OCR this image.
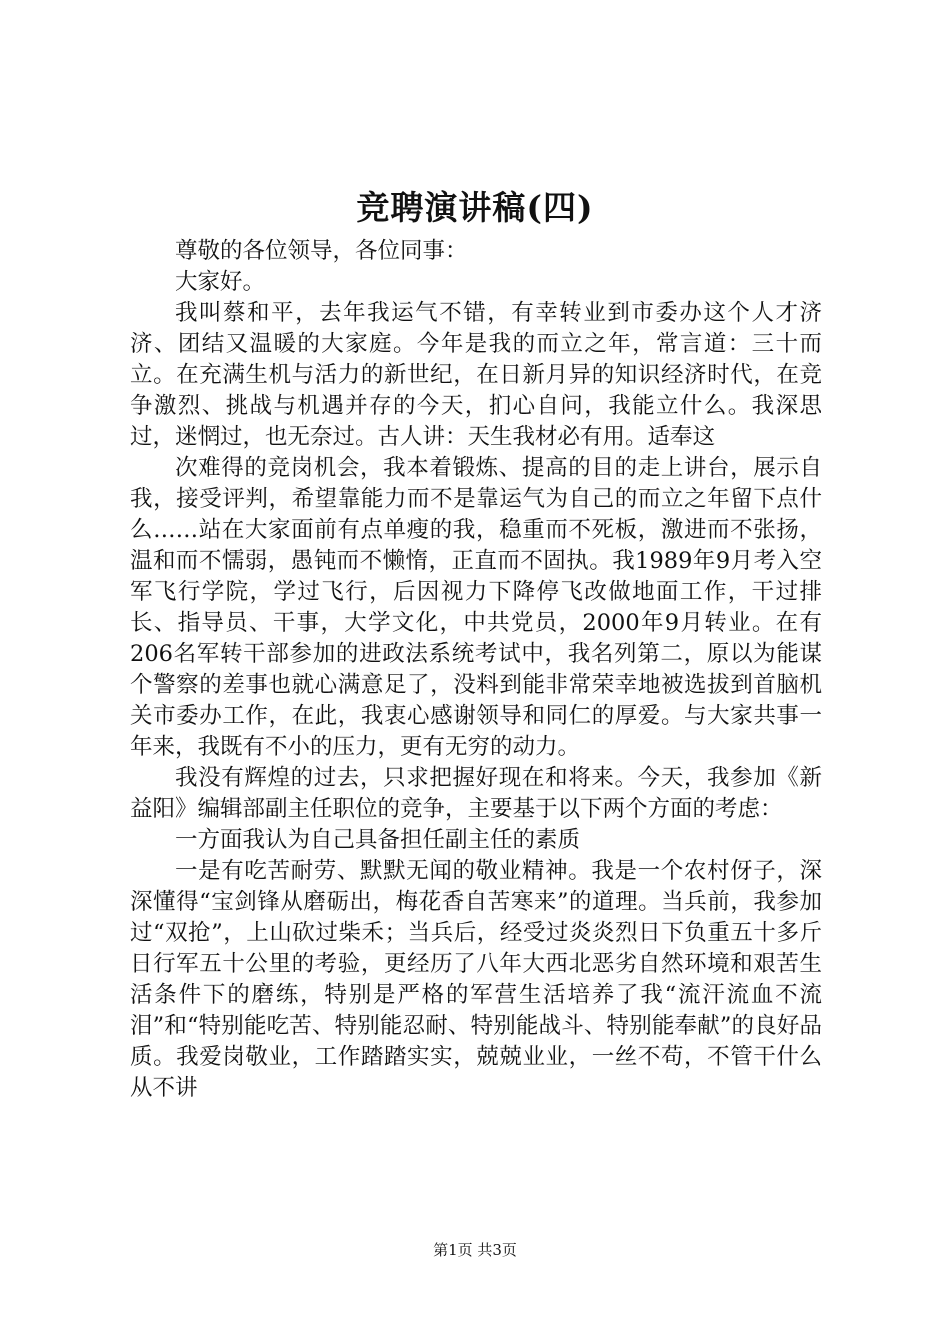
竞聘演讲稿(四)

尊敬的各位领导，各位同事：

大家好。

我叫蔡和平，去年我运气不错，有幸转业到市委办这个人才济济、团结又温暖的大家庭。今年是我的而立之年，常言道：三十而立。在充满生机与活力的新世纪，在日新月异的知识经济时代，在竞争激烈、挑战与机遇并存的今天，扪心自问，我能立什么。我深思过，迷惘过，也无奈过。古人讲：天生我材必有用。适奉这

次难得的竞岗机会，我本着锻炼、提高的目的走上讲台，展示自我，接受评判，希望靠能力而不是靠运气为自己的而立之年留下点什么……站在大家面前有点单瘦的我，稳重而不死板，激进而不张扬，温和而不懦弱，愚钝而不懒惰，正直而不固执。我1989年9月考入空军飞行学院，学过飞行，后因视力下降停飞改做地面工作，干过排长、指导员、干事，大学文化，中共党员，2000年9月转业。在有206名军转干部参加的进政法系统考试中，我名列第二，原以为能谋个警察的差事也就心满意足了，没料到能非常荣幸地被选拔到首脑机关市委办工作，在此，我衷心感谢领导和同仁的厚爱。与大家共事一年来，我既有不小的压力，更有无穷的动力。

我没有辉煌的过去，只求把握好现在和将来。今天，我参加《新益阳》编辑部副主任职位的竞争，主要基于以下两个方面的考虑：

一方面我认为自己具备担任副主任的素质

一是有吃苦耐劳、默默无闻的敬业精神。我是一个农村伢子，深深懂得“宝剑锋从磨砺出，梅花香自苦寒来”的道理。当兵前，我参加过“双抢”，上山砍过柴禾；当兵后，经受过炎炎烈日下负重五十多斤日行军五十公里的考验，更经历了八年大西北恶劣自然环境和艰苦生活条件下的磨练，特别是严格的军营生活培养了我“流汗流血不流泪”和“特别能吃苦、特别能忍耐、特别能战斗、特别能奉献”的良好品质。我爱岗敬业，工作踏踏实实，兢兢业业，一丝不苟，不管干什么从不讲

第1页 共3页
